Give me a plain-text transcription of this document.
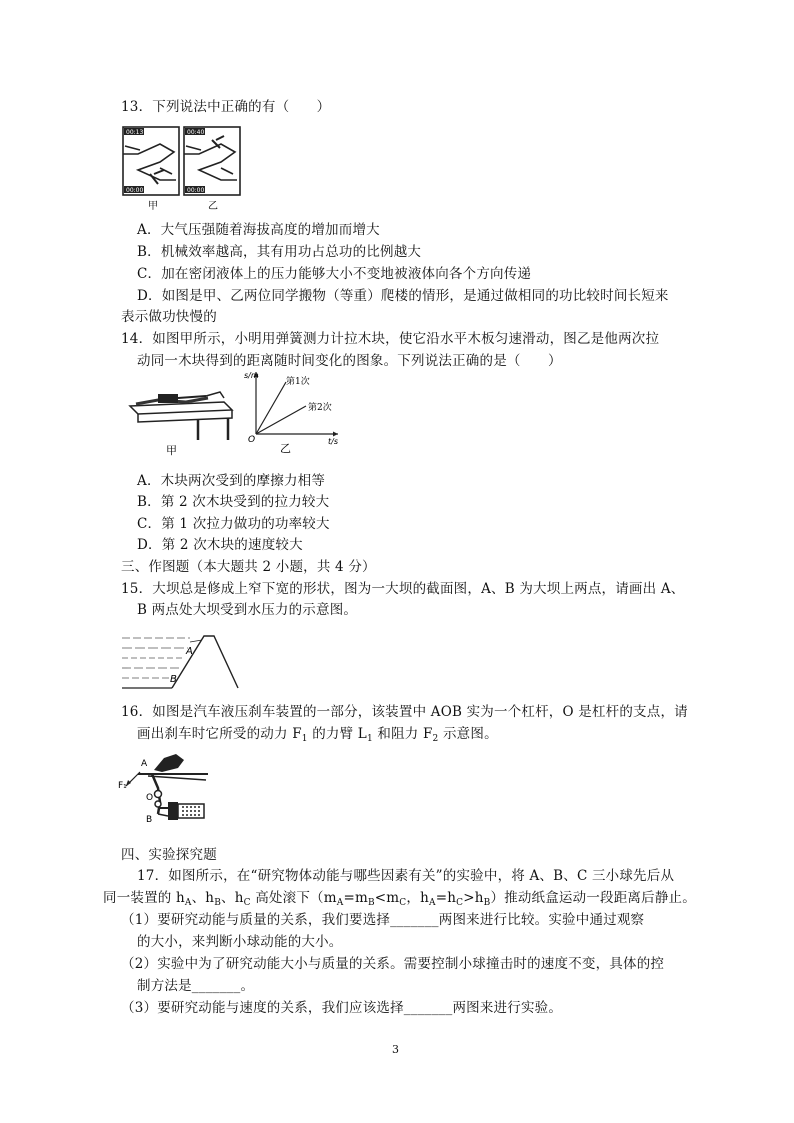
13．下列说法中正确的有（　　）
00:13
00:00
00:40
00:00
甲	乙
A．大气压强随着海拔高度的增加而增大
B．机械效率越高，其有用功占总功的比例越大
C．加在密闭液体上的压力能够大小不变地被液体向各个方向传递
D．如图是甲、乙两位同学搬物（等重）爬楼的情形，是通过做相同的功比较时间长短来
表示做功快慢的
14．如图甲所示，小明用弹簧测力计拉木块，使它沿水平木板匀速滑动，图乙是他两次拉
动同一木块得到的距离随时间变化的图象。下列说法正确的是（　　）
甲
s/m
t/s
O
第1次
第2次
乙
A．木块两次受到的摩擦力相等
B．第 2 次木块受到的拉力较大
C．第 1 次拉力做功的功率较大
D．第 2 次木块的速度较大
三、作图题（本大题共 2 小题，共 4 分）
15．大坝总是修成上窄下宽的形状，图为一大坝的截面图，A、B 为大坝上两点，请画出 A、
B 两点处大坝受到水压力的示意图。
A
B
16．如图是汽车液压刹车装置的一部分，该装置中 AOB 实为一个杠杆，O 是杠杆的支点，请
画出刹车时它所受的动力 $F_1$ 的力臂 $L_1$ 和阻力 $F_2$ 示意图。
A
F₁
O
B
四、实验探究题
17．如图所示，在“研究物体动能与哪些因素有关”的实验中，将 A、B、C 三小球先后从
同一装置的 $h_A$、$h_B$、$h_C$ 高处滚下（$m_A=m_B<m_C$，$h_A=h_C>h_B$）推动纸盒运动一段距离后静止。
（1）要研究动能与质量的关系，我们要选择_______两图来进行比较。实验中通过观察
的大小，来判断小球动能的大小。
（2）实验中为了研究动能大小与质量的关系。需要控制小球撞击时的速度不变，具体的控
制方法是_______。
（3）要研究动能与速度的关系，我们应该选择_______两图来进行实验。
3
